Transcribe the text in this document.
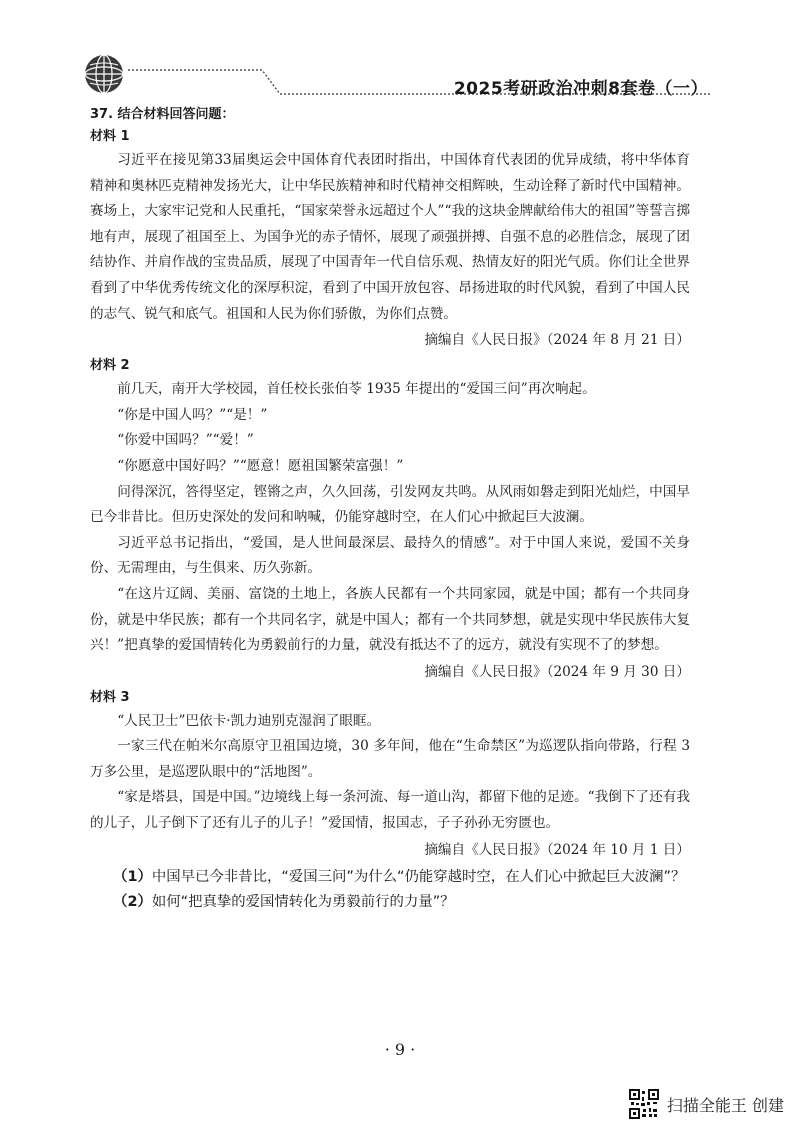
2025考研政治冲刺8套卷（一）

37. 结合材料回答问题：

材料 1

习近平在接见第33届奥运会中国体育代表团时指出，中国体育代表团的优异成绩，将中华体育精神和奥林匹克精神发扬光大，让中华民族精神和时代精神交相辉映，生动诠释了新时代中国精神。赛场上，大家牢记党和人民重托，“国家荣誉永远超过个人”“我的这块金牌献给伟大的祖国”等誓言掷地有声，展现了祖国至上、为国争光的赤子情怀，展现了顽强拼搏、自强不息的必胜信念，展现了团结协作、并肩作战的宝贵品质，展现了中国青年一代自信乐观、热情友好的阳光气质。你们让全世界看到了中华优秀传统文化的深厚积淀，看到了中国开放包容、昂扬进取的时代风貌，看到了中国人民的志气、锐气和底气。祖国和人民为你们骄傲，为你们点赞。

摘编自《人民日报》（2024 年 8 月 21 日）

材料 2

前几天，南开大学校园，首任校长张伯苓 1935 年提出的“爱国三问”再次响起。

“你是中国人吗？”“是！”

“你爱中国吗？”“爱！”

“你愿意中国好吗？”“愿意！愿祖国繁荣富强！”

问得深沉，答得坚定，铿锵之声，久久回荡，引发网友共鸣。从风雨如磐走到阳光灿烂，中国早已今非昔比。但历史深处的发问和呐喊，仍能穿越时空，在人们心中掀起巨大波澜。

习近平总书记指出，“爱国，是人世间最深层、最持久的情感”。对于中国人来说，爱国不关身份、无需理由，与生俱来、历久弥新。

“在这片辽阔、美丽、富饶的土地上，各族人民都有一个共同家园，就是中国；都有一个共同身份，就是中华民族；都有一个共同名字，就是中国人；都有一个共同梦想，就是实现中华民族伟大复兴！”把真挚的爱国情转化为勇毅前行的力量，就没有抵达不了的远方，就没有实现不了的梦想。

摘编自《人民日报》（2024 年 9 月 30 日）

材料 3

“人民卫士”巴依卡·凯力迪别克湿润了眼眶。

一家三代在帕米尔高原守卫祖国边境，30 多年间，他在“生命禁区”为巡逻队指向带路，行程 3 万多公里，是巡逻队眼中的“活地图”。

“家是塔县，国是中国。”边境线上每一条河流、每一道山沟，都留下他的足迹。“我倒下了还有我的儿子，儿子倒下了还有儿子的儿子！”爱国情，报国志，子子孙孙无穷匮也。

摘编自《人民日报》（2024 年 10 月 1 日）

（1）中国早已今非昔比，“爱国三问”为什么“仍能穿越时空，在人们心中掀起巨大波澜”？

（2）如何“把真挚的爱国情转化为勇毅前行的力量”？

· 9 ·
扫描全能王 创建
